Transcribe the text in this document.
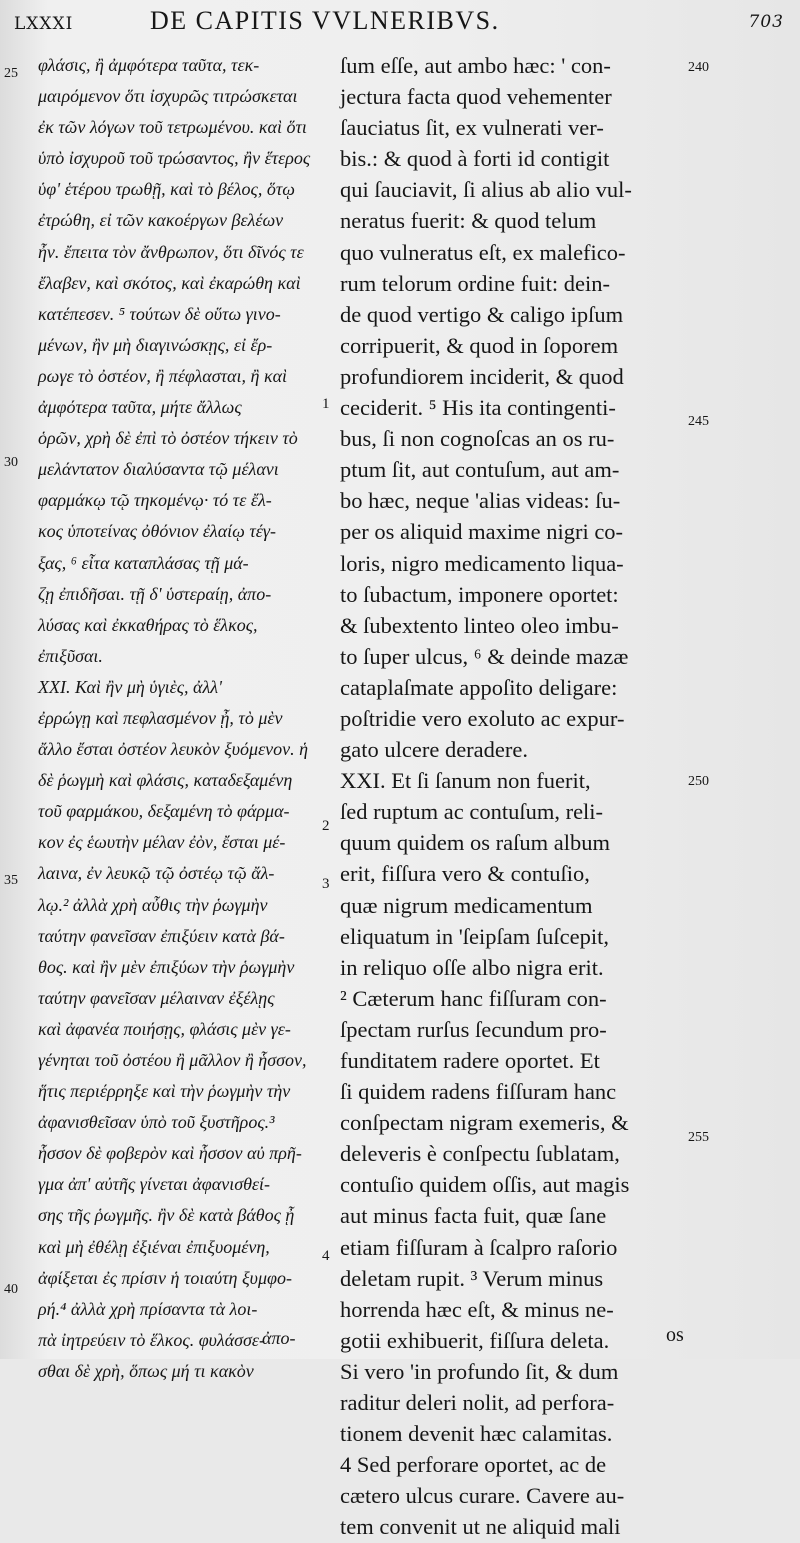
LXXXI	DE CAPITIS VVLNERIBVS.	703
25
30
35
40
1
2
3
4
240
245
250
255
φλάσις, ἢ ἀμφότερα ταῦτα, τεκ-
μαιρόμενον ὅτι ἰσχυρῶς τιτρώσκεται
ἐκ τῶν λόγων τοῦ τετρωμένου. καὶ ὅτι
ὑπὸ ἰσχυροῦ τοῦ τρώσαντος, ἢν ἕτερος
ὑφ' ἑτέρου τρωθῇ, καὶ τὸ βέλος, ὅτῳ
ἐτρώθη, εἰ τῶν κακοέργων βελέων
ἦν. ἔπειτα τὸν ἄνθρωπον, ὅτι δῖνός τε
ἔλαβεν, καὶ σκότος, καὶ ἐκαρώθη καὶ
κατέπεσεν. ⁵ τούτων δὲ οὕτω γινο-
μένων, ἢν μὴ διαγινώσκῃς, εἰ ἔρ-
ρωγε τὸ ὀστέον, ἢ πέφλασται, ἢ καὶ
ἀμφότερα ταῦτα, μήτε ἄλλως
ὁρῶν, χρὴ δὲ ἐπὶ τὸ ὀστέον τήκειν τὸ
μελάντατον διαλύσαντα τῷ μέλανι
φαρμάκῳ τῷ τηκομένῳ· τό τε ἔλ-
κος ὑποτείνας ὀθόνιον ἐλαίῳ τέγ-
ξας, ⁶ εἶτα καταπλάσας τῇ μά-
ζῃ ἐπιδῆσαι. τῇ δ' ὑστεραίῃ, ἀπο-
λύσας καὶ ἐκκαθήρας τὸ ἕλκος,
ἐπιξῦσαι.
XXI. Καὶ ἢν μὴ ὑγιὲς, ἀλλ'
ἐρρώγῃ καὶ πεφλασμένον ᾖ, τὸ μὲν
ἄλλο ἔσται ὀστέον λευκὸν ξυόμενον. ἡ
δὲ ῥωγμὴ καὶ φλάσις, καταδεξαμένη
τοῦ φαρμάκου, δεξαμένη τὸ φάρμα-
κον ἐς ἑωυτὴν μέλαν ἐὸν, ἔσται μέ-
λαινα, ἐν λευκῷ τῷ ὀστέῳ τῷ ἄλ-
λῳ.² ἀλλὰ χρὴ αὖθις τὴν ῥωγμὴν
ταύτην φανεῖσαν ἐπιξύειν κατὰ βά-
θος. καὶ ἢν μὲν ἐπιξύων τὴν ῥωγμὴν
ταύτην φανεῖσαν μέλαιναν ἐξέλῃς
καὶ ἀφανέα ποιήσῃς, φλάσις μὲν γε-
γένηται τοῦ ὀστέου ἢ μᾶλλον ἢ ἧσσον,
ἥτις περιέρρηξε καὶ τὴν ῥωγμὴν τὴν
ἀφανισθεῖσαν ὑπὸ τοῦ ξυστῆρος.³
ἧσσον δὲ φοβερὸν καὶ ἧσσον αὐ πρῆ-
γμα ἀπ' αὐτῆς γίνεται ἀφανισθεί-
σης τῆς ῥωγμῆς. ἢν δὲ κατὰ βάθος ᾖ
καὶ μὴ ἐθέλῃ ἐξιέναι ἐπιξυομένη,
ἀφίξεται ἐς πρίσιν ἡ τοιαύτη ξυμφο-
ρή.⁴ ἀλλὰ χρὴ πρίσαντα τὰ λοι-
πὰ ἰητρεύειν τὸ ἕλκος. φυλάσσε-
σθαι δὲ χρὴ, ὅπως μή τι κακὸν
ſum eſſe, aut ambo hæc: ' con-
jectura facta quod vehementer
ſauciatus ſit, ex vulnerati ver-
bis.: & quod à forti id contigit
qui ſauciavit, ſi alius ab alio vul-
neratus fuerit: & quod telum
quo vulneratus eſt, ex malefico-
rum telorum ordine fuit: dein-
de quod vertigo & caligo ipſum
corripuerit, & quod in ſoporem
profundiorem inciderit, & quod
ceciderit. ⁵ His ita contingenti-
bus, ſi non cognoſcas an os ru-
ptum ſit, aut contuſum, aut am-
bo hæc, neque 'alias videas: ſu-
per os aliquid maxime nigri co-
loris, nigro medicamento liqua-
to ſubactum, imponere oportet:
& ſubextento linteo oleo imbu-
to ſuper ulcus, ⁶ & deinde mazæ
cataplaſmate appoſito deligare:
poſtridie vero exoluto ac expur-
gato ulcere deradere.
XXI. Et ſi ſanum non fuerit,
ſed ruptum ac contuſum, reli-
quum quidem os raſum album
erit, fiſſura vero & contuſio,
quæ nigrum medicamentum
eliquatum in 'ſeipſam ſuſcepit,
in reliquo oſſe albo nigra erit.
² Cæterum hanc fiſſuram con-
ſpectam rurſus ſecundum pro-
funditatem radere oportet. Et
ſi quidem radens fiſſuram hanc
conſpectam nigram exemeris, &
deleveris è conſpectu ſublatam,
contuſio quidem oſſis, aut magis
aut minus facta fuit, quæ ſane
etiam fiſſuram à ſcalpro raſorio
deletam rupit. ³ Verum minus
horrenda hæc eſt, & minus ne-
gotii exhibuerit, fiſſura deleta.
Si vero 'in profundo ſit, & dum
raditur deleri nolit, ad perfora-
tionem devenit hæc calamitas.
4 Sed perforare oportet, ac de
cætero ulcus curare. Cavere au-
tem convenit ut ne aliquid mali
ἀπο-	os
